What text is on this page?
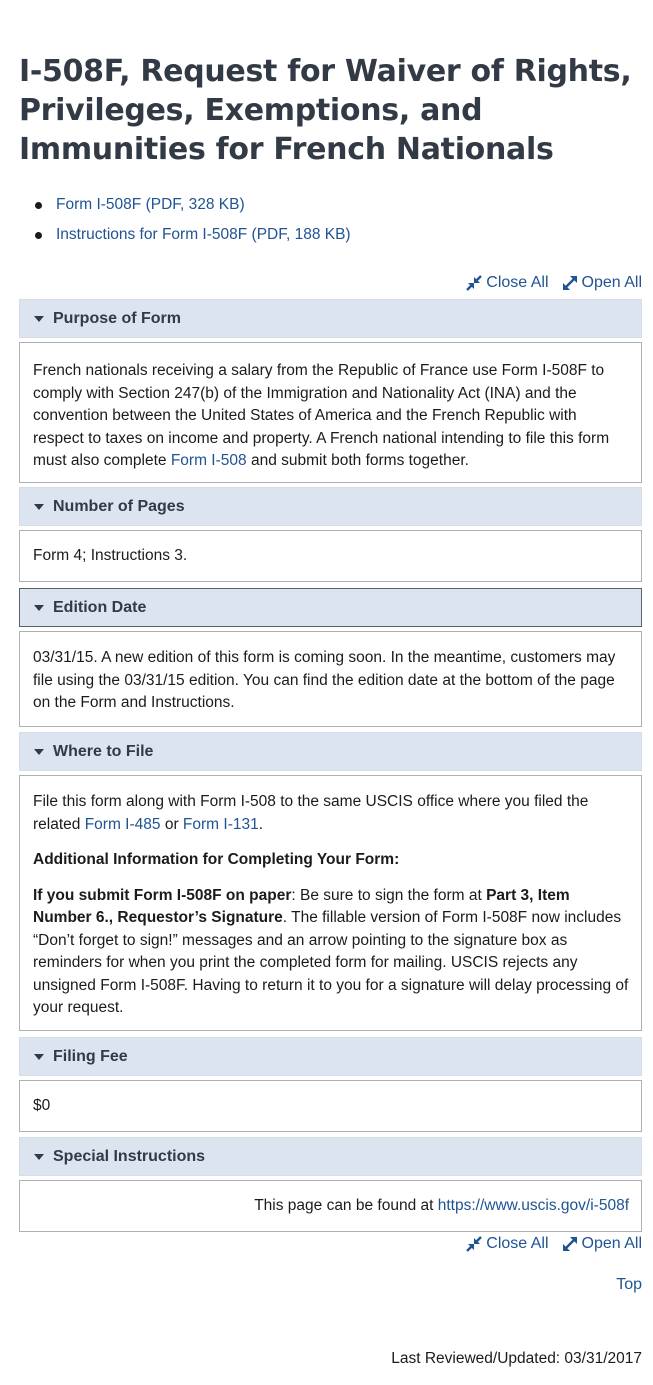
I-508F, Request for Waiver of Rights, Privileges, Exemptions, and Immunities for French Nationals
Form I-508F (PDF, 328 KB)
Instructions for Form I-508F (PDF, 188 KB)
Close All Open All
Purpose of Form

French nationals receiving a salary from the Republic of France use Form I-508F to comply with Section 247(b) of the Immigration and Nationality Act (INA) and the convention between the United States of America and the French Republic with respect to taxes on income and property. A French national intending to file this form must also complete Form I-508 and submit both forms together.

Number of Pages

Form 4; Instructions 3.

Edition Date

03/31/15. A new edition of this form is coming soon. In the meantime, customers may file using the 03/31/15 edition. You can find the edition date at the bottom of the page on the Form and Instructions.

Where to File

File this form along with Form I-508 to the same USCIS office where you filed the related Form I-485 or Form I-131.

Additional Information for Completing Your Form:

If you submit Form I-508F on paper: Be sure to sign the form at Part 3, Item Number 6., Requestor’s Signature. The fillable version of Form I-508F now includes “Don’t forget to sign!” messages and an arrow pointing to the signature box as reminders for when you print the completed form for mailing. USCIS rejects any unsigned Form I-508F. Having to return it to you for a signature will delay processing of your request.

Filing Fee

$0

Special Instructions

This page can be found at https://www.uscis.gov/i-508f

Close All Open All
Top
Last Reviewed/Updated: 03/31/2017
